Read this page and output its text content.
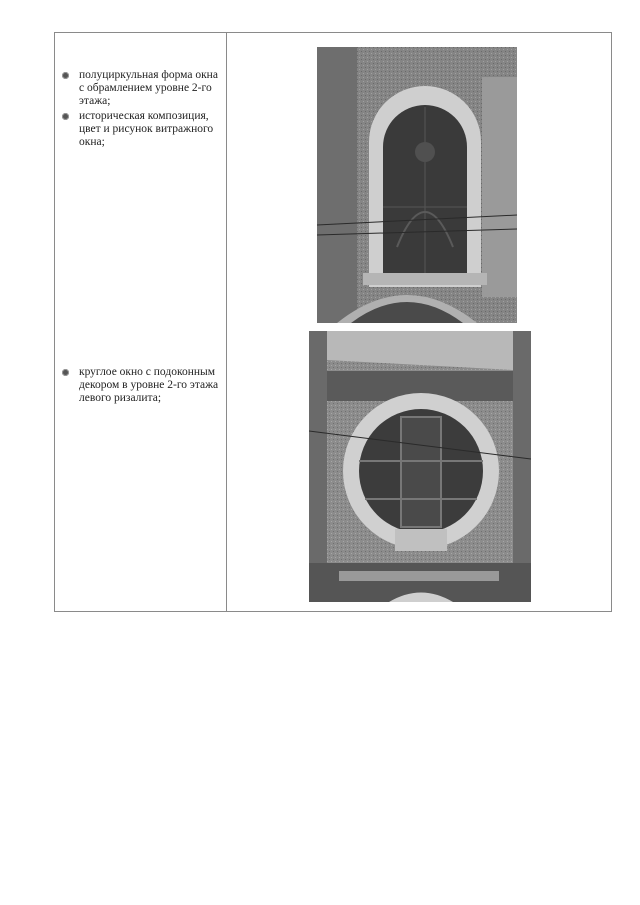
полуциркульная форма окна с обрамлением уровне 2-го этажа;
историческая композиция, цвет и рисунок витражного окна;
круглое окно с подоконным декором в уровне 2-го этажа левого ризалита;
